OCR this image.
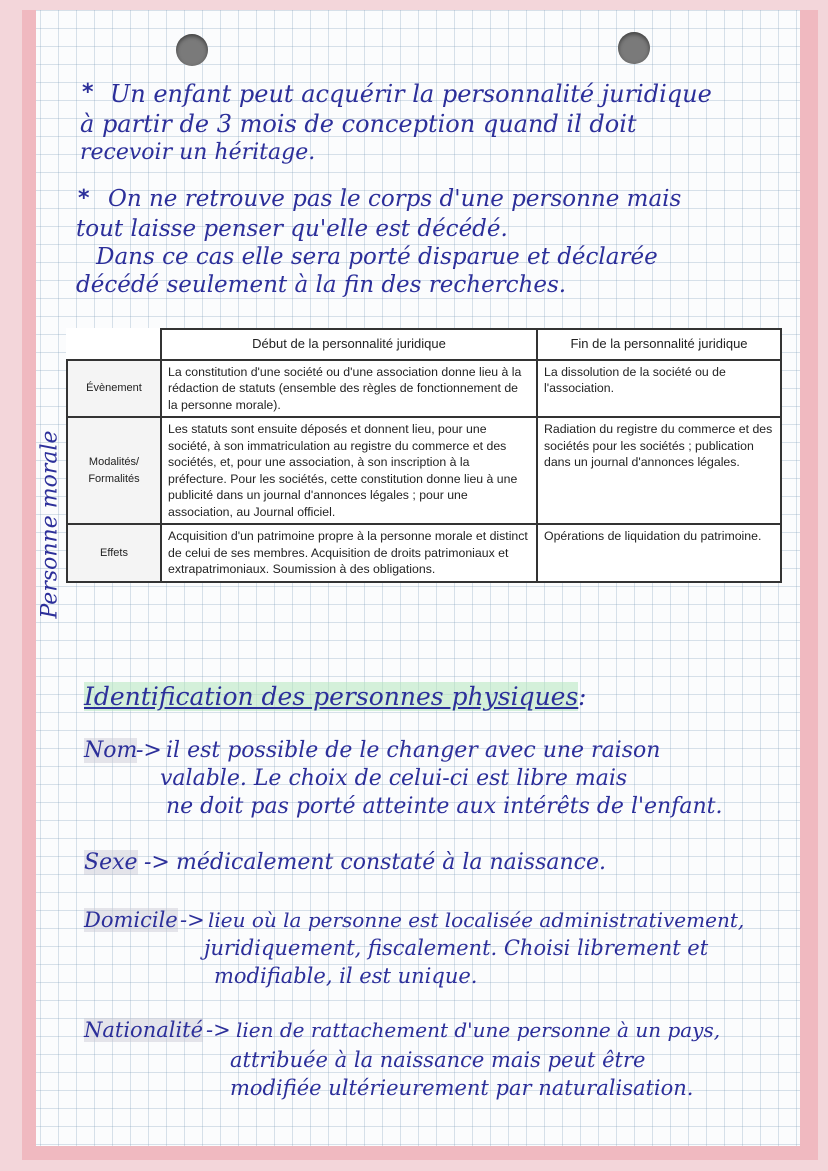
* Un enfant peut acquérir la personnalité juridique
à partir de 3 mois de conception quand il doit
recevoir un héritage.
* On ne retrouve pas le corps d'une personne mais
tout laisse penser qu'elle est décédé.
Dans ce cas elle sera porté disparue et déclarée
décédé seulement à la fin des recherches.
Personne morale
	Début de la personnalité juridique	Fin de la personnalité juridique
Évènement	La constitution d'une société ou d'une association donne lieu à la rédaction de statuts (ensemble des règles de fonctionnement de la personne morale).	La dissolution de la société ou de l'association.
Modalités/ Formalités	Les statuts sont ensuite déposés et donnent lieu, pour une société, à son immatriculation au registre du commerce et des sociétés, et, pour une association, à son inscription à la préfecture. Pour les sociétés, cette constitution donne lieu à une publicité dans un journal d'annonces légales ; pour une association, au Journal officiel.	Radiation du registre du commerce et des sociétés pour les sociétés ; publication dans un journal d'annonces légales.
Effets	Acquisition d'un patrimoine propre à la personne morale et distinct de celui de ses membres. Acquisition de droits patrimoniaux et extrapatrimoniaux. Soumission à des obligations.	Opérations de liquidation du patrimoine.
Identification des personnes physiques :
Nom
-> il est possible de le changer avec une raison
valable. Le choix de celui-ci est libre mais
ne doit pas porté atteinte aux intérêts de l'enfant.
Sexe -> médicalement constaté à la naissance.
Domicile -> lieu où la personne est localisée administrativement,
juridiquement, fiscalement. Choisi librement et
modifiable, il est unique.
Nationalité -> lien de rattachement d'une personne à un pays,
attribuée à la naissance mais peut être
modifiée ultérieurement par naturalisation.
